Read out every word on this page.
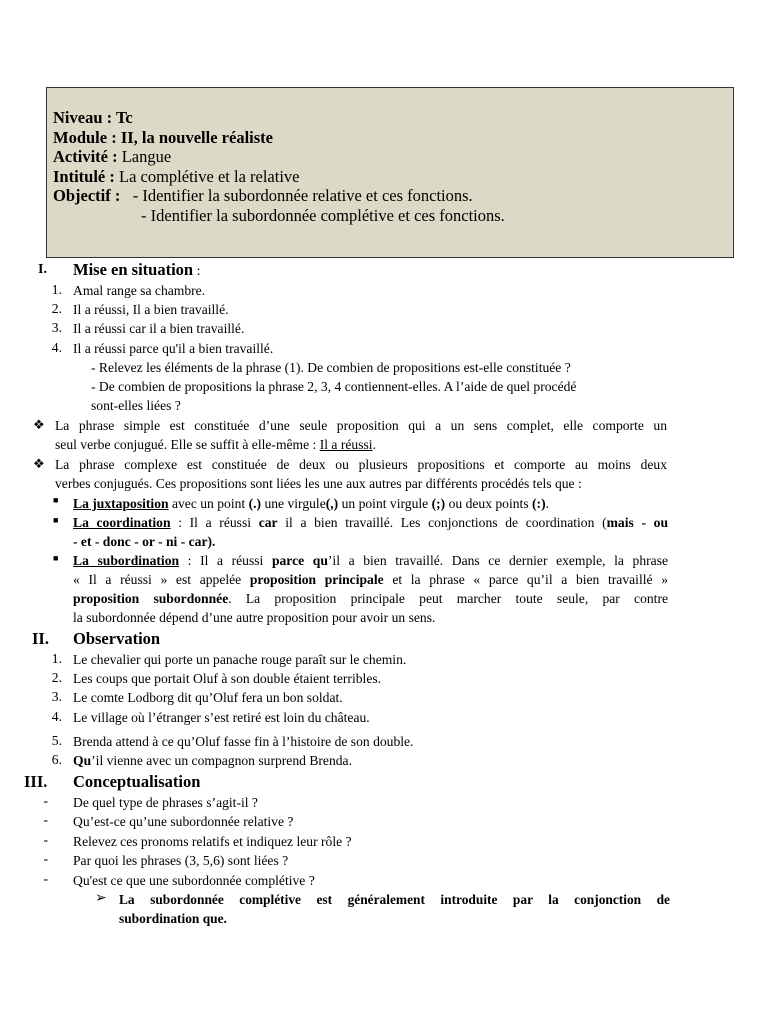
Niveau : Tc
Module : II, la nouvelle réaliste
Activité : Langue
Intitulé : La complétive et la relative
Objectif :   - Identifier la subordonnée relative et ces fonctions.
- Identifier la subordonnée complétive et ces fonctions.
I. Mise en situation :
1. Amal range sa chambre.
2. Il a réussi, Il a bien travaillé.
3. Il a réussi car il a bien travaillé.
4. Il a réussi parce qu'il a bien travaillé.
- Relevez les éléments de la phrase (1). De combien de propositions est-elle constituée ?
- De combien de propositions la phrase 2, 3, 4 contiennent-elles. A l’aide de quel procédé
sont-elles liées ?
❖ La phrase simple est constituée d’une seule proposition qui a un sens complet, elle comporte un
seul verbe conjugué. Elle se suffit à elle-même : Il a réussi.
❖ La phrase complexe est constituée de deux ou plusieurs propositions et comporte au moins deux
verbes conjugués. Ces propositions sont liées les une aux autres par différents procédés tels que :
■ La juxtaposition avec un point (.) une virgule(,) un point virgule (;) ou deux points (:).
■ La coordination : Il a réussi car il a bien travaillé. Les conjonctions de coordination (mais - ou
- et - donc - or - ni - car).
■ La subordination : Il a réussi parce qu’il a bien travaillé. Dans ce dernier exemple, la phrase
« Il a réussi » est appelée proposition principale et la phrase « parce qu’il a bien travaillé »
proposition subordonnée. La proposition principale peut marcher toute seule, par contre
la subordonnée dépend d’une autre proposition pour avoir un sens.
II. Observation
1. Le chevalier qui porte un panache rouge paraît sur le chemin.
2. Les coups que portait Oluf à son double étaient terribles.
3. Le comte Lodborg dit qu’Oluf fera un bon soldat.
4. Le village où l’étranger s’est retiré est loin du château.
5. Brenda attend à ce qu’Oluf fasse fin à l’histoire de son double.
6. Qu’il vienne avec un compagnon surprend Brenda.
III. Conceptualisation
- De quel type de phrases s’agit-il ?
- Qu’est-ce qu’une subordonnée relative ?
- Relevez ces pronoms relatifs et indiquez leur rôle ?
- Par quoi les phrases (3, 5,6) sont liées ?
- Qu'est ce que une subordonnée complétive ?
➢ La subordonnée complétive est généralement introduite par la conjonction de
subordination que.
